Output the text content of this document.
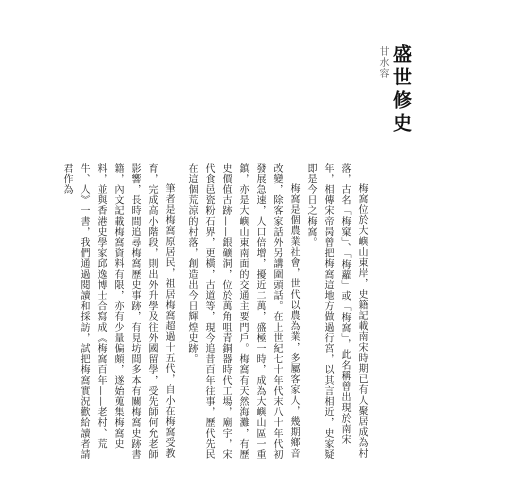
盛世修史
甘水容

梅窩位於大嶼山東岸，史籍記載南宋時期已有人聚居成為村落，古名「梅窠」、「梅蘿」或「梅窩」，此名稱曾出現於南宋年，相傳宋帝昺曾把梅窩這地方做過行宮，以其言相近，史家疑即是今日之梅窩。

梅窩是個農業社會，世代以農為業，多屬客家人，幾期鄉音改變，除客家話外另講圍頭話。在上世紀七十年代末八十年代初發展急速，人口倍增，擾近二萬，盛極一時，成為大嶼山區一重鎮，亦是大嶼山東南面的交通主要門戶。梅窩有天然海灘，有歷史價值古跡——銀礦洞，位於萬角咀青銅器時代工場，廟宇，宋代食邑瓷粉石界，更橫，古道等，現今追昔百年往事，歷代先民在這個荒涼的村落，創造出今日輝煌史跡。

筆者是梅窩原居民，祖居梅窩超過十五代，自小在梅窩受教育，完成高小階段，則出外升學及往外國留學，受先師何允老師影響，長時間追尋梅窩歷史事跡，有見坊間多本有關梅窩史跡書籍，內文記載梅窩資料有限，亦有少量偏頗，遂始蒐集梅窩史料，並與香港史學家邱逸博士合寫成《梅窩百年——老村、荒牛、人》一書，我們通過閱讀和採訪，試把梅窩實況歡給讀者請君作為
